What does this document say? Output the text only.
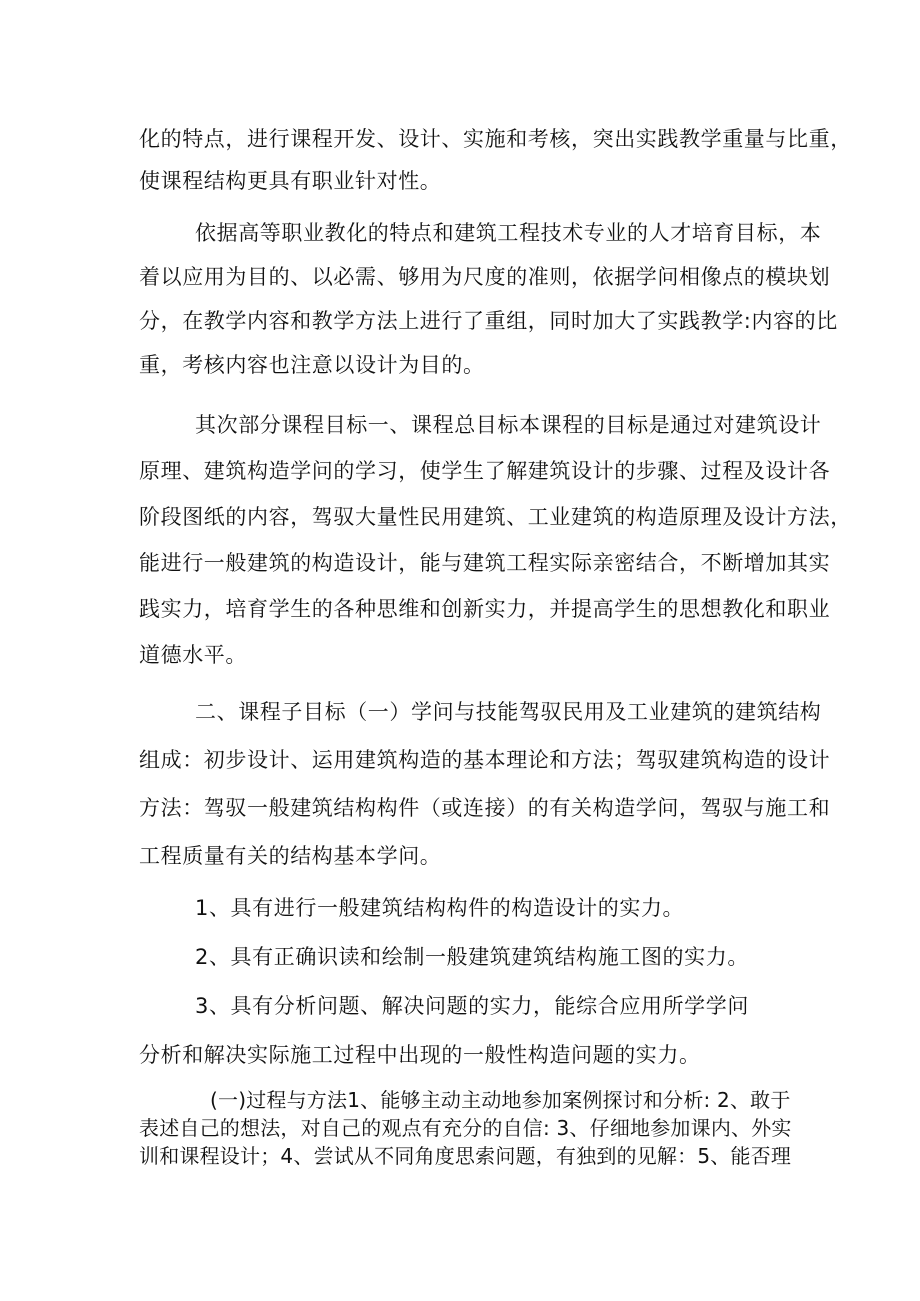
化的特点，进行课程开发、设计、实施和考核，突出实践教学重量与比重，
使课程结构更具有职业针对性。
依据高等职业教化的特点和建筑工程技术专业的人才培育目标，本
着以应用为目的、以必需、够用为尺度的准则，依据学问相像点的模块划
分，在教学内容和教学方法上进行了重组，同时加大了实践教学:内容的比
重，考核内容也注意以设计为目的。
其次部分课程目标一、课程总目标本课程的目标是通过对建筑设计
原理、建筑构造学问的学习，使学生了解建筑设计的步骤、过程及设计各
阶段图纸的内容，驾驭大量性民用建筑、工业建筑的构造原理及设计方法，
能进行一般建筑的构造设计，能与建筑工程实际亲密结合，不断增加其实
践实力，培育学生的各种思维和创新实力，并提高学生的思想教化和职业
道德水平。
二、课程子目标（一）学问与技能驾驭民用及工业建筑的建筑结构
组成：初步设计、运用建筑构造的基本理论和方法；驾驭建筑构造的设计
方法：驾驭一般建筑结构构件（或连接）的有关构造学问，驾驭与施工和
工程质量有关的结构基本学问。
1、具有进行一般建筑结构构件的构造设计的实力。
2、具有正确识读和绘制一般建筑建筑结构施工图的实力。
3、具有分析问题、解决问题的实力，能综合应用所学学问
分析和解决实际施工过程中出现的一般性构造问题的实力。
(一)过程与方法1、能够主动主动地参加案例探讨和分析: 2、敢于
表述自己的想法，对自己的观点有充分的自信: 3、仔细地参加课内、外实
训和课程设计；4、尝试从不同角度思索问题，有独到的见解：5、能否理
